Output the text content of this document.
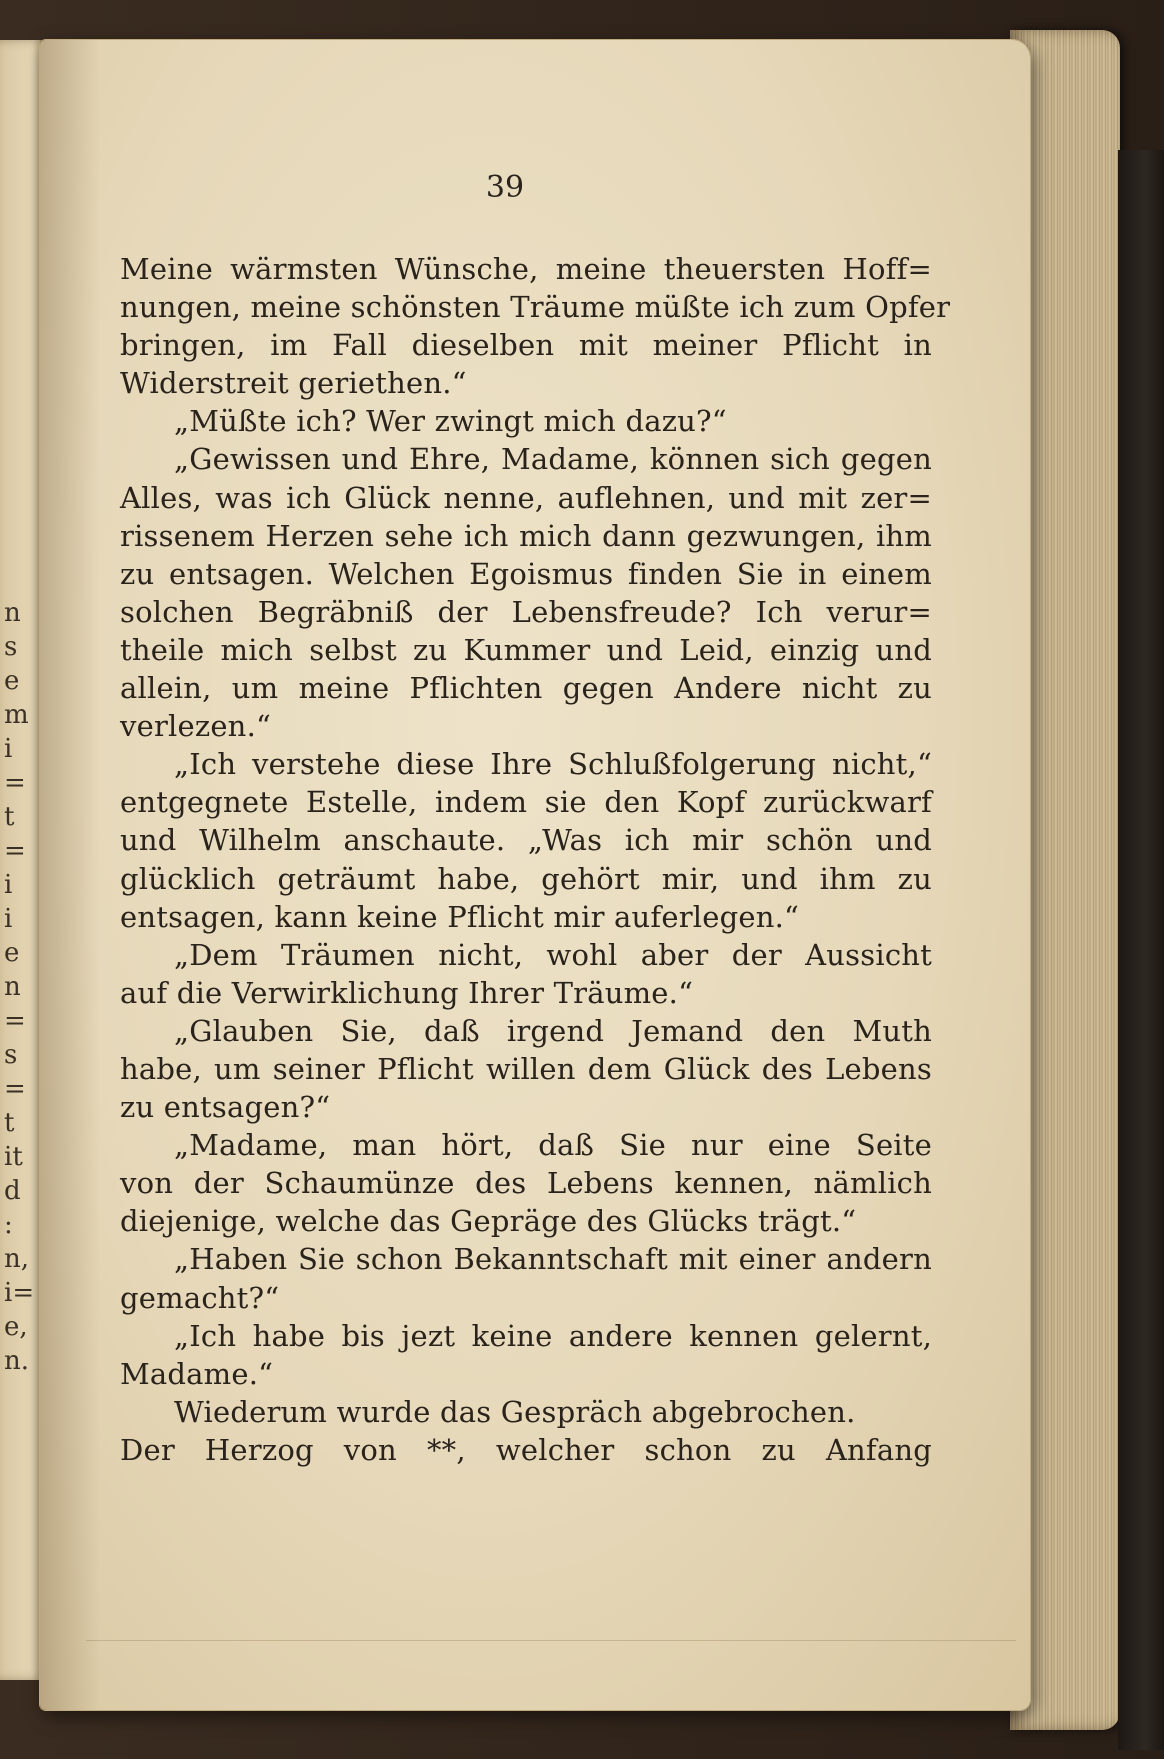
n
s
e
m
i
=
t
=
i
i
e
n
=
s
=
t
it
d
:
n,
i=
e,
n.
39
Meine wärmsten Wünsche, meine theuersten Hoff=
nungen, meine schönsten Träume müßte ich zum Opfer
bringen, im Fall dieselben mit meiner Pflicht in
Widerstreit geriethen.“
„Müßte ich? Wer zwingt mich dazu?“
„Gewissen und Ehre, Madame, können sich gegen
Alles, was ich Glück nenne, auflehnen, und mit zer=
rissenem Herzen sehe ich mich dann gezwungen, ihm
zu entsagen. Welchen Egoismus finden Sie in einem
solchen Begräbniß der Lebensfreude? Ich verur=
theile mich selbst zu Kummer und Leid, einzig und
allein, um meine Pflichten gegen Andere nicht zu
verlezen.“
„Ich verstehe diese Ihre Schlußfolgerung nicht,“
entgegnete Estelle, indem sie den Kopf zurückwarf
und Wilhelm anschaute. „Was ich mir schön und
glücklich geträumt habe, gehört mir, und ihm zu
entsagen, kann keine Pflicht mir auferlegen.“
„Dem Träumen nicht, wohl aber der Aussicht
auf die Verwirklichung Ihrer Träume.“
„Glauben Sie, daß irgend Jemand den Muth
habe, um seiner Pflicht willen dem Glück des Lebens
zu entsagen?“
„Madame, man hört, daß Sie nur eine Seite
von der Schaumünze des Lebens kennen, nämlich
diejenige, welche das Gepräge des Glücks trägt.“
„Haben Sie schon Bekanntschaft mit einer andern
gemacht?“
„Ich habe bis jezt keine andere kennen gelernt,
Madame.“
Wiederum wurde das Gespräch abgebrochen.
Der Herzog von **, welcher schon zu Anfang
